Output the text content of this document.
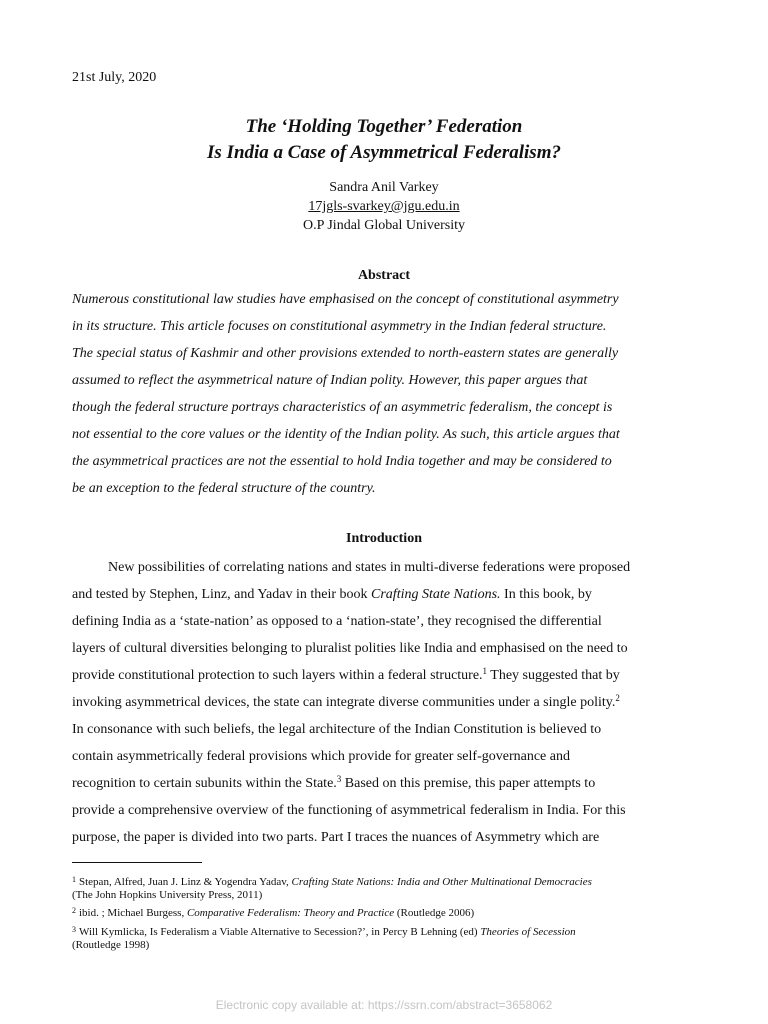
21st July, 2020
The ‘Holding Together’ Federation
Is India a Case of Asymmetrical Federalism?
Sandra Anil Varkey
17jgls-svarkey@jgu.edu.in
O.P Jindal Global University
Abstract
Numerous constitutional law studies have emphasised on the concept of constitutional asymmetry
in its structure. This article focuses on constitutional asymmetry in the Indian federal structure.
The special status of Kashmir and other provisions extended to north-eastern states are generally
assumed to reflect the asymmetrical nature of Indian polity. However, this paper argues that
though the federal structure portrays characteristics of an asymmetric federalism, the concept is
not essential to the core values or the identity of the Indian polity. As such, this article argues that
the asymmetrical practices are not the essential to hold India together and may be considered to
be an exception to the federal structure of the country.
Introduction
New possibilities of correlating nations and states in multi-diverse federations were proposed
and tested by Stephen, Linz, and Yadav in their book Crafting State Nations. In this book, by
defining India as a ‘state-nation’ as opposed to a ‘nation-state’, they recognised the differential
layers of cultural diversities belonging to pluralist polities like India and emphasised on the need to
provide constitutional protection to such layers within a federal structure.$^1$ They suggested that by
invoking asymmetrical devices, the state can integrate diverse communities under a single polity.$^2$
In consonance with such beliefs, the legal architecture of the Indian Constitution is believed to
contain asymmetrically federal provisions which provide for greater self-governance and
recognition to certain subunits within the State.$^3$ Based on this premise, this paper attempts to
provide a comprehensive overview of the functioning of asymmetrical federalism in India. For this
purpose, the paper is divided into two parts. Part I traces the nuances of Asymmetry which are
$^1$ Stepan, Alfred, Juan J. Linz & Yogendra Yadav, Crafting State Nations: India and Other Multinational Democracies
(The John Hopkins University Press, 2011)
$^2$ ibid. ; Michael Burgess, Comparative Federalism: Theory and Practice (Routledge 2006)
$^3$ Will Kymlicka, Is Federalism a Viable Alternative to Secession?’, in Percy B Lehning (ed) Theories of Secession
(Routledge 1998)
Electronic copy available at: https://ssrn.com/abstract=3658062
